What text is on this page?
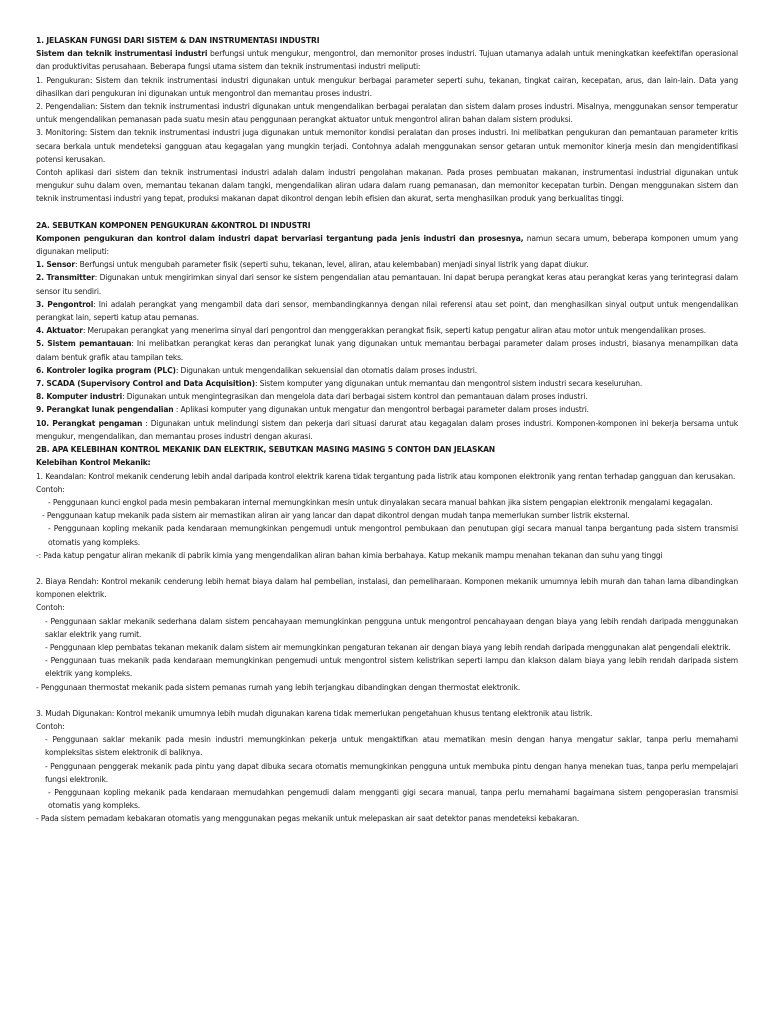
1. JELASKAN FUNGSI DARI SISTEM & DAN INSTRUMENTASI INDUSTRI

Sistem dan teknik instrumentasi industri berfungsi untuk mengukur, mengontrol, dan memonitor proses industri. Tujuan utamanya adalah untuk meningkatkan keefektifan operasional dan produktivitas perusahaan. Beberapa fungsi utama sistem dan teknik instrumentasi industri meliputi:

1. Pengukuran: Sistem dan teknik instrumentasi industri digunakan untuk mengukur berbagai parameter seperti suhu, tekanan, tingkat cairan, kecepatan, arus, dan lain-lain. Data yang dihasilkan dari pengukuran ini digunakan untuk mengontrol dan memantau proses industri.

2. Pengendalian: Sistem dan teknik instrumentasi industri digunakan untuk mengendalikan berbagai peralatan dan sistem dalam proses industri. Misalnya, menggunakan sensor temperatur untuk mengendalikan pemanasan pada suatu mesin atau penggunaan perangkat aktuator untuk mengontrol aliran bahan dalam sistem produksi.

3. Monitoring: Sistem dan teknik instrumentasi industri juga digunakan untuk memonitor kondisi peralatan dan proses industri. Ini melibatkan pengukuran dan pemantauan parameter kritis secara berkala untuk mendeteksi gangguan atau kegagalan yang mungkin terjadi. Contohnya adalah menggunakan sensor getaran untuk memonitor kinerja mesin dan mengidentifikasi potensi kerusakan.

Contoh aplikasi dari sistem dan teknik instrumentasi industri adalah dalam industri pengolahan makanan. Pada proses pembuatan makanan, instrumentasi industrial digunakan untuk mengukur suhu dalam oven, memantau tekanan dalam tangki, mengendalikan aliran udara dalam ruang pemanasan, dan memonitor kecepatan turbin. Dengan menggunakan sistem dan teknik instrumentasi industri yang tepat, produksi makanan dapat dikontrol dengan lebih efisien dan akurat, serta menghasilkan produk yang berkualitas tinggi.

2A. SEBUTKAN KOMPONEN PENGUKURAN &KONTROL DI INDUSTRI

Komponen pengukuran dan kontrol dalam industri dapat bervariasi tergantung pada jenis industri dan prosesnya, namun secara umum, beberapa komponen umum yang digunakan meliputi:

1. Sensor: Berfungsi untuk mengubah parameter fisik (seperti suhu, tekanan, level, aliran, atau kelembaban) menjadi sinyal listrik yang dapat diukur.

2. Transmitter: Digunakan untuk mengirimkan sinyal dari sensor ke sistem pengendalian atau pemantauan. Ini dapat berupa perangkat keras atau perangkat keras yang terintegrasi dalam sensor itu sendiri.

3. Pengontrol: Ini adalah perangkat yang mengambil data dari sensor, membandingkannya dengan nilai referensi atau set point, dan menghasilkan sinyal output untuk mengendalikan perangkat lain, seperti katup atau pemanas.

4. Aktuator: Merupakan perangkat yang menerima sinyal dari pengontrol dan menggerakkan perangkat fisik, seperti katup pengatur aliran atau motor untuk mengendalikan proses.

5. Sistem pemantauan: Ini melibatkan perangkat keras dan perangkat lunak yang digunakan untuk memantau berbagai parameter dalam proses industri, biasanya menampilkan data dalam bentuk grafik atau tampilan teks.

6. Kontroler logika program (PLC): Digunakan untuk mengendalikan sekuensial dan otomatis dalam proses industri.

7. SCADA (Supervisory Control and Data Acquisition): Sistem komputer yang digunakan untuk memantau dan mengontrol sistem industri secara keseluruhan.

8. Komputer industri: Digunakan untuk mengintegrasikan dan mengelola data dari berbagai sistem kontrol dan pemantauan dalam proses industri.

9. Perangkat lunak pengendalian : Aplikasi komputer yang digunakan untuk mengatur dan mengontrol berbagai parameter dalam proses industri.

10. Perangkat pengaman : Digunakan untuk melindungi sistem dan pekerja dari situasi darurat atau kegagalan dalam proses industri. Komponen-komponen ini bekerja bersama untuk mengukur, mengendalikan, dan memantau proses industri dengan akurasi.

2B. APA KELEBIHAN KONTROL MEKANIK DAN ELEKTRIK, SEBUTKAN MASING MASING 5 CONTOH DAN JELASKAN

Kelebihan Kontrol Mekanik:

1. Keandalan: Kontrol mekanik cenderung lebih andal daripada kontrol elektrik karena tidak tergantung pada listrik atau komponen elektronik yang rentan terhadap gangguan dan kerusakan.

Contoh:

- Penggunaan kunci engkol pada mesin pembakaran internal memungkinkan mesin untuk dinyalakan secara manual bahkan jika sistem pengapian elektronik mengalami kegagalan.

- Penggunaan katup mekanik pada sistem air memastikan aliran air yang lancar dan dapat dikontrol dengan mudah tanpa memerlukan sumber listrik eksternal.

- Penggunaan kopling mekanik pada kendaraan memungkinkan pengemudi untuk mengontrol pembukaan dan penutupan gigi secara manual tanpa bergantung pada sistem transmisi otomatis yang kompleks.

-: Pada katup pengatur aliran mekanik di pabrik kimia yang mengendalikan aliran bahan kimia berbahaya. Katup mekanik mampu menahan tekanan dan suhu yang tinggi

2. Biaya Rendah: Kontrol mekanik cenderung lebih hemat biaya dalam hal pembelian, instalasi, dan pemeliharaan. Komponen mekanik umumnya lebih murah dan tahan lama dibandingkan komponen elektrik.

Contoh:

- Penggunaan saklar mekanik sederhana dalam sistem pencahayaan memungkinkan pengguna untuk mengontrol pencahayaan dengan biaya yang lebih rendah daripada menggunakan saklar elektrik yang rumit.

- Penggunaan klep pembatas tekanan mekanik dalam sistem air memungkinkan pengaturan tekanan air dengan biaya yang lebih rendah daripada menggunakan alat pengendali elektrik.

- Penggunaan tuas mekanik pada kendaraan memungkinkan pengemudi untuk mengontrol sistem kelistrikan seperti lampu dan klakson dalam biaya yang lebih rendah daripada sistem elektrik yang kompleks.

- Penggunaan thermostat mekanik pada sistem pemanas rumah yang lebih terjangkau dibandingkan dengan thermostat elektronik.

3. Mudah Digunakan: Kontrol mekanik umumnya lebih mudah digunakan karena tidak memerlukan pengetahuan khusus tentang elektronik atau listrik.

Contoh:

- Penggunaan saklar mekanik pada mesin industri memungkinkan pekerja untuk mengaktifkan atau mematikan mesin dengan hanya mengatur saklar, tanpa perlu memahami kompleksitas sistem elektronik di baliknya.

- Penggunaan penggerak mekanik pada pintu yang dapat dibuka secara otomatis memungkinkan pengguna untuk membuka pintu dengan hanya menekan tuas, tanpa perlu mempelajari fungsi elektronik.

- Penggunaan kopling mekanik pada kendaraan memudahkan pengemudi dalam mengganti gigi secara manual, tanpa perlu memahami bagaimana sistem pengoperasian transmisi otomatis yang kompleks.

- Pada sistem pemadam kebakaran otomatis yang menggunakan pegas mekanik untuk melepaskan air saat detektor panas mendeteksi kebakaran.
